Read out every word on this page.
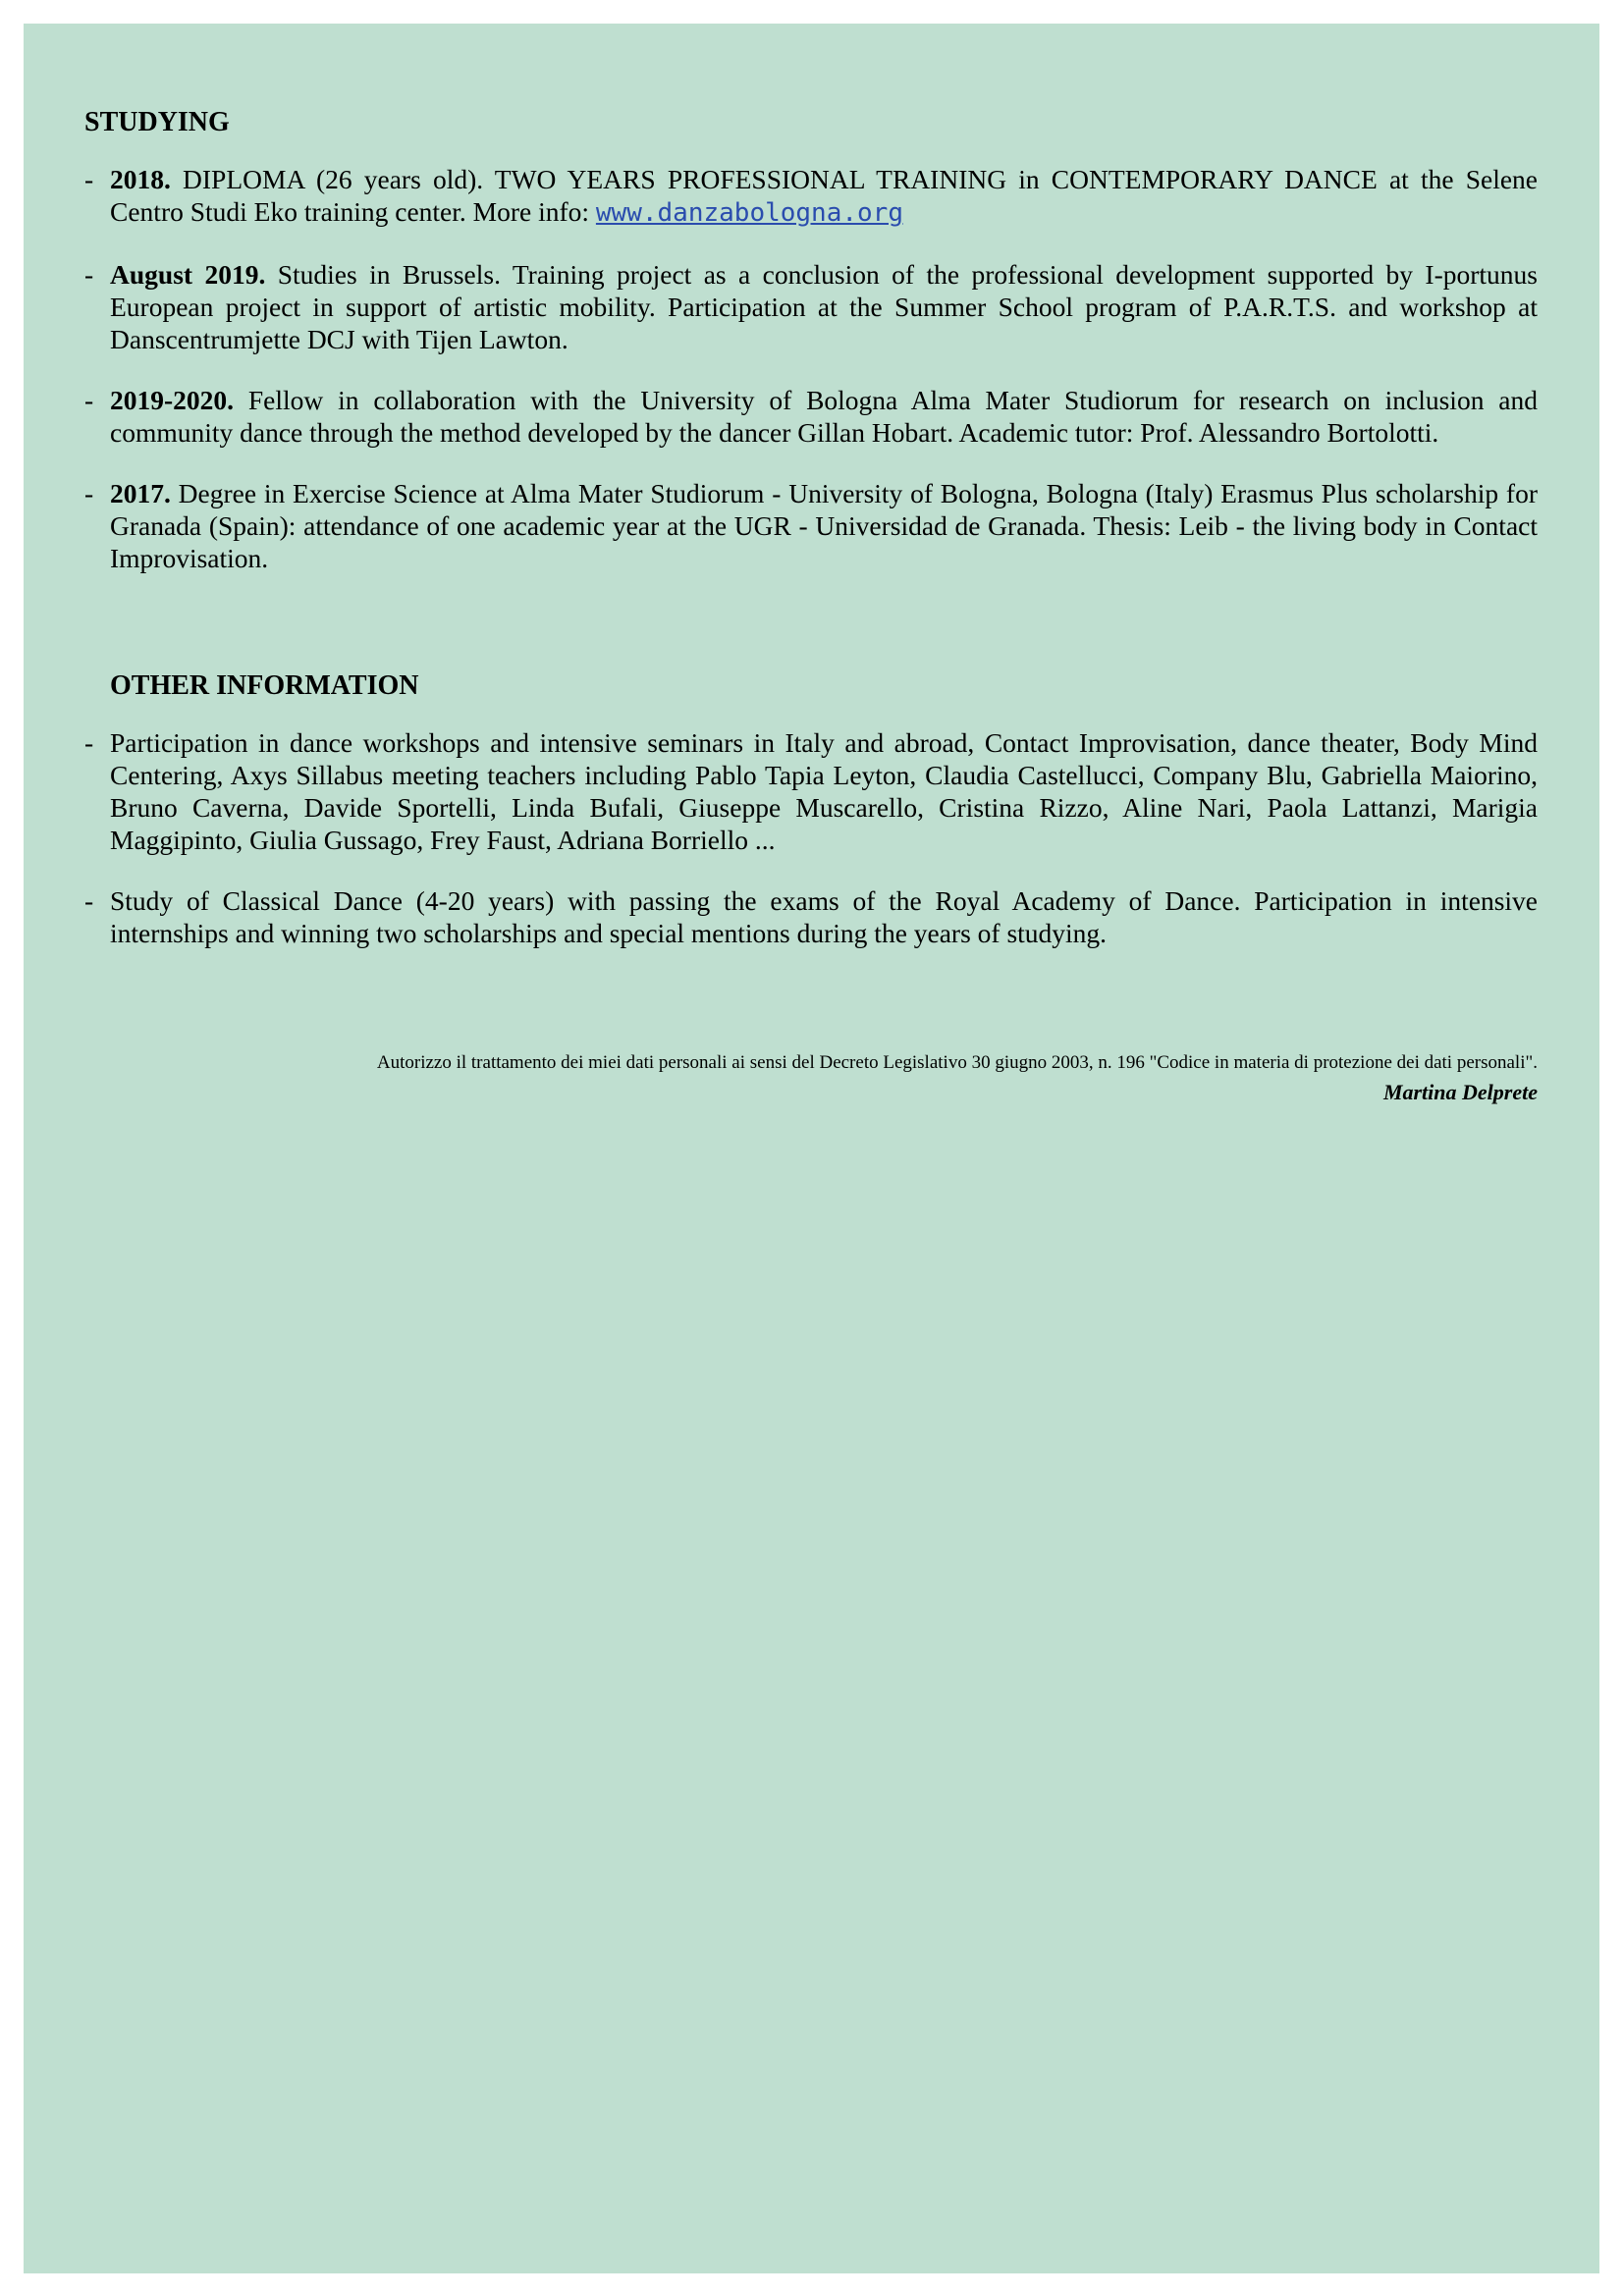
STUDYING
- 2018. DIPLOMA (26 years old). TWO YEARS PROFESSIONAL TRAINING in CONTEMPORARY DANCE at the Selene Centro Studi Eko training center. More info: www.danzabologna.org
- August 2019. Studies in Brussels. Training project as a conclusion of the professional development supported by I-portunus European project in support of artistic mobility. Participation at the Summer School program of P.A.R.T.S. and workshop at Danscentrumjette DCJ with Tijen Lawton.
- 2019-2020. Fellow in collaboration with the University of Bologna Alma Mater Studiorum for research on inclusion and community dance through the method developed by the dancer Gillan Hobart. Academic tutor: Prof. Alessandro Bortolotti.
- 2017. Degree in Exercise Science at Alma Mater Studiorum - University of Bologna, Bologna (Italy) Erasmus Plus scholarship for Granada (Spain): attendance of one academic year at the UGR - Universidad de Granada. Thesis: Leib - the living body in Contact Improvisation.
OTHER INFORMATION
- Participation in dance workshops and intensive seminars in Italy and abroad, Contact Improvisation, dance theater, Body Mind Centering, Axys Sillabus meeting teachers including Pablo Tapia Leyton, Claudia Castellucci, Company Blu, Gabriella Maiorino, Bruno Caverna, Davide Sportelli, Linda Bufali, Giuseppe Muscarello, Cristina Rizzo, Aline Nari, Paola Lattanzi, Marigia Maggipinto, Giulia Gussago, Frey Faust, Adriana Borriello ...
- Study of Classical Dance (4-20 years) with passing the exams of the Royal Academy of Dance. Participation in intensive internships and winning two scholarships and special mentions during the years of studying.
Autorizzo il trattamento dei miei dati personali ai sensi del Decreto Legislativo 30 giugno 2003, n. 196 "Codice in materia di protezione dei dati personali".
Martina Delprete
